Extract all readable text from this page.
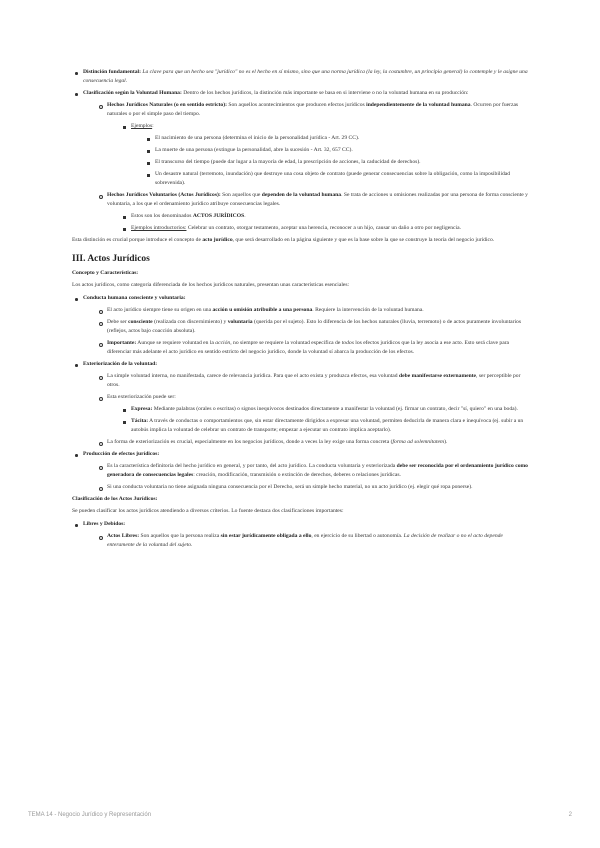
Distinción fundamental: La clave para que un hecho sea "jurídico" no es el hecho en sí mismo, sino que una norma jurídica (la ley, la costumbre, un principio general) lo contemple y le asigne una consecuencia legal.

Clasificación según la Voluntad Humana: Dentro de los hechos jurídicos, la distinción más importante se basa en si interviene o no la voluntad humana en su producción:

Hechos Jurídicos Naturales (o en sentido estricto): Son aquellos acontecimientos que producen efectos jurídicos independientemente de la voluntad humana. Ocurren por fuerzas naturales o por el simple paso del tiempo.

Ejemplos:

El nacimiento de una persona (determina el inicio de la personalidad jurídica - Art. 29 CC).

La muerte de una persona (extingue la personalidad, abre la sucesión - Art. 32, 657 CC).

El transcurso del tiempo (puede dar lugar a la mayoría de edad, la prescripción de acciones, la caducidad de derechos).

Un desastre natural (terremoto, inundación) que destruye una cosa objeto de contrato (puede generar consecuencias sobre la obligación, como la imposibilidad sobrevenida).

Hechos Jurídicos Voluntarios (Actos Jurídicos): Son aquellos que dependen de la voluntad humana. Se trata de acciones u omisiones realizadas por una persona de forma consciente y voluntaria, a los que el ordenamiento jurídico atribuye consecuencias legales.

Estos son los denominados ACTOS JURÍDICOS.

Ejemplos introductorios: Celebrar un contrato, otorgar testamento, aceptar una herencia, reconocer a un hijo, causar un daño a otro por negligencia.

Esta distinción es crucial porque introduce el concepto de acto jurídico, que será desarrollado en la página siguiente y que es la base sobre la que se construye la teoría del negocio jurídico.

III. Actos Jurídicos

Concepto y Características:

Los actos jurídicos, como categoría diferenciada de los hechos jurídicos naturales, presentan unas características esenciales:

Conducta humana consciente y voluntaria:

El acto jurídico siempre tiene su origen en una acción u omisión atribuible a una persona. Requiere la intervención de la voluntad humana.

Debe ser consciente (realizada con discernimiento) y voluntaria (querida por el sujeto). Esto lo diferencia de los hechos naturales (lluvia, terremoto) o de actos puramente involuntarios (reflejos, actos bajo coacción absoluta).

Importante: Aunque se requiere voluntad en la acción, no siempre se requiere la voluntad específica de todos los efectos jurídicos que la ley asocia a ese acto. Esto será clave para diferenciar más adelante el acto jurídico en sentido estricto del negocio jurídico, donde la voluntad sí abarca la producción de los efectos.

Exteriorización de la voluntad:

La simple voluntad interna, no manifestada, carece de relevancia jurídica. Para que el acto exista y produzca efectos, esa voluntad debe manifestarse externamente, ser perceptible por otros.

Esta exteriorización puede ser:

Expresa: Mediante palabras (orales o escritas) o signos inequívocos destinados directamente a manifestar la voluntad (ej. firmar un contrato, decir "sí, quiero" en una boda).

Tácita: A través de conductas o comportamientos que, sin estar directamente dirigidos a expresar una voluntad, permiten deducirla de manera clara e inequívoca (ej. subir a un autobús implica la voluntad de celebrar un contrato de transporte; empezar a ejecutar un contrato implica aceptarlo).

La forma de exteriorización es crucial, especialmente en los negocios jurídicos, donde a veces la ley exige una forma concreta (forma ad solemnitatem).

Producción de efectos jurídicos:

Es la característica definitoria del hecho jurídico en general, y por tanto, del acto jurídico. La conducta voluntaria y exteriorizada debe ser reconocida por el ordenamiento jurídico como generadora de consecuencias legales: creación, modificación, transmisión o extinción de derechos, deberes o relaciones jurídicas.

Si una conducta voluntaria no tiene asignada ninguna consecuencia por el Derecho, será un simple hecho material, no un acto jurídico (ej. elegir qué ropa ponerse).

Clasificación de los Actos Jurídicos:

Se pueden clasificar los actos jurídicos atendiendo a diversos criterios. Lo fuente destaca dos clasificaciones importantes:

Libres y Debidos:

Actos Libres: Son aquellos que la persona realiza sin estar jurídicamente obligada a ello, en ejercicio de su libertad o autonomía. La decisión de realizar o no el acto depende enteramente de la voluntad del sujeto.

TEMA 14 - Negocio Jurídico y Representación	2
